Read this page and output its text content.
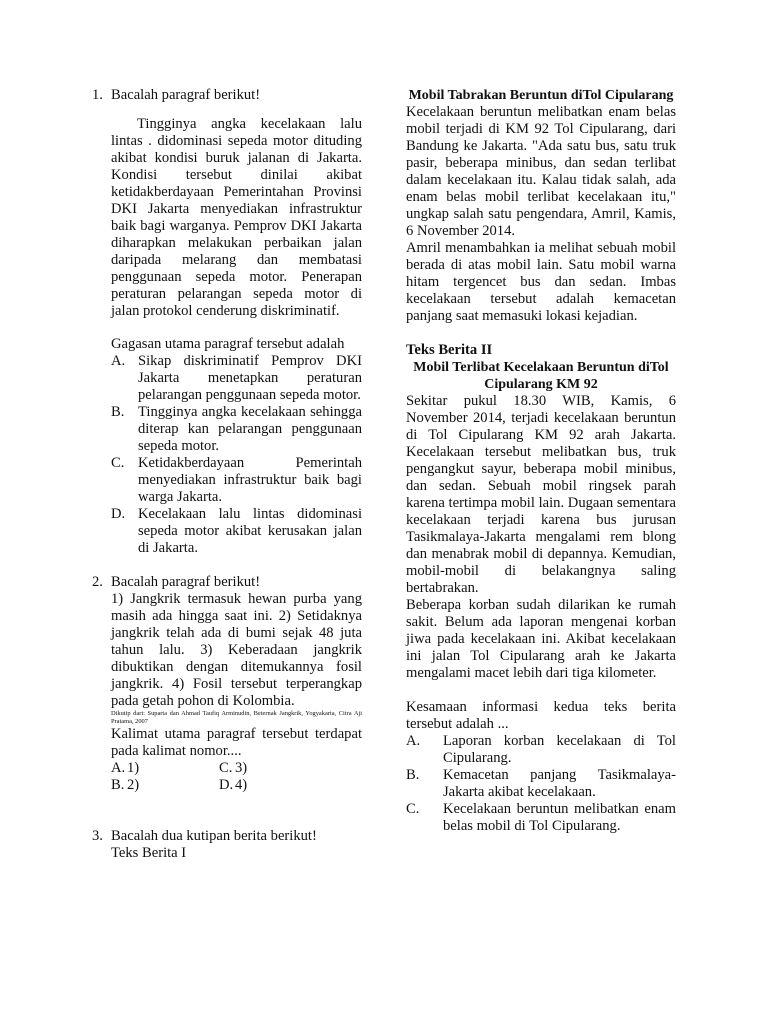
1. Bacalah paragraf berikut!

Tingginya angka kecelakaan lalu lintas . didominasi sepeda motor dituding akibat kondisi buruk jalanan di Jakarta. Kondisi tersebut dinilai akibat ketidakberdayaan Pemerintahan Provinsi DKI Jakarta menyediakan infrastruktur baik bagi warganya. Pemprov DKI Jakarta diharapkan melakukan perbaikan jalan daripada melarang dan membatasi penggunaan sepeda motor. Penerapan peraturan pelarangan sepeda motor di jalan protokol cenderung diskriminatif.

Gagasan utama paragraf tersebut adalah

A. Sikap diskriminatif Pemprov DKI Jakarta menetapkan peraturan pelarangan penggunaan sepeda motor.
B. Tingginya angka kecelakaan sehingga diterap kan pelarangan penggunaan sepeda motor.
C. Ketidakberdayaan Pemerintah menyediakan infrastruktur baik bagi warga Jakarta.
D. Kecelakaan lalu lintas didominasi sepeda motor akibat kerusakan jalan di Jakarta.
2. Bacalah paragraf berikut!

1) Jangkrik termasuk hewan purba yang masih ada hingga saat ini. 2) Setidaknya jangkrik telah ada di bumi sejak 48 juta tahun lalu. 3) Keberadaan jangkrik dibuktikan dengan ditemukannya fosil jangkrik. 4) Fosil tersebut terperangkap pada getah pohon di Kolombia.

Dikutip dari: Suparta dan Ahmad Taufiq Arminudin, Beternak Jangkrik, Yogyakarta, Citra Aji Pratama, 2007

Kalimat utama paragraf tersebut terdapat pada kalimat nomor....

A. 1)	C. 3)
B. 2)	D. 4)
3. Bacalah dua kutipan berita berikut!

Teks Berita I

Mobil Tabrakan Beruntun diTol Cipularang

Kecelakaan beruntun melibatkan enam belas mobil terjadi di KM 92 Tol Cipularang, dari Bandung ke Jakarta. "Ada satu bus, satu truk pasir, beberapa minibus, dan sedan terlibat dalam kecelakaan itu. Kalau tidak salah, ada enam belas mobil terlibat kecelakaan itu," ungkap salah satu pengendara, Amril, Kamis, 6 November 2014.

Amril menambahkan ia melihat sebuah mobil berada di atas mobil lain. Satu mobil warna hitam tergencet bus dan sedan. Imbas kecelakaan tersebut adalah kemacetan panjang saat memasuki lokasi kejadian.

Teks Berita II

Mobil Terlibat Kecelakaan Beruntun diTol Cipularang KM 92

Sekitar pukul 18.30 WIB, Kamis, 6 November 2014, terjadi kecelakaan beruntun di Tol Cipularang KM 92 arah Jakarta. Kecelakaan tersebut melibatkan bus, truk pengangkut sayur, beberapa mobil minibus, dan sedan. Sebuah mobil ringsek parah karena tertimpa mobil lain. Dugaan sementara kecelakaan terjadi karena bus jurusan Tasikmalaya-Jakarta mengalami rem blong dan menabrak mobil di depannya. Kemudian, mobil-mobil di belakangnya saling bertabrakan.

Beberapa korban sudah dilarikan ke rumah sakit. Belum ada laporan mengenai korban jiwa pada kecelakaan ini. Akibat kecelakaan ini jalan Tol Cipularang arah ke Jakarta mengalami macet lebih dari tiga kilometer.

Kesamaan informasi kedua teks berita tersebut adalah ...

A.	Laporan korban kecelakaan di Tol Cipularang.
B.	Kemacetan panjang Tasikmalaya-Jakarta akibat kecelakaan.
C.	Kecelakaan beruntun melibatkan enam belas mobil di Tol Cipularang.
